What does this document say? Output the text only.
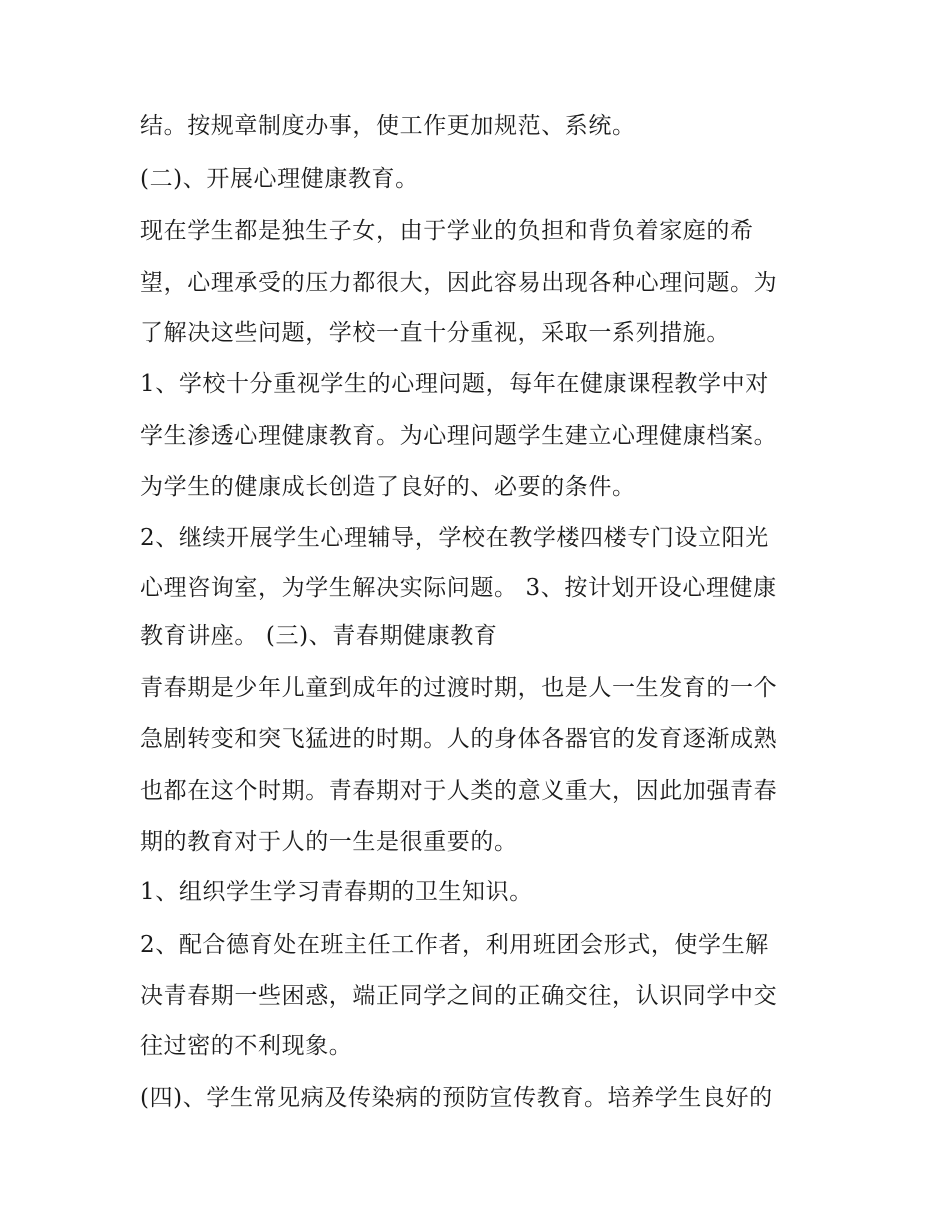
结。按规章制度办事，使工作更加规范、系统。
(二)、开展心理健康教育。
现在学生都是独生子女，由于学业的负担和背负着家庭的希
望，心理承受的压力都很大，因此容易出现各种心理问题。为
了解决这些问题，学校一直十分重视，采取一系列措施。
1、学校十分重视学生的心理问题，每年在健康课程教学中对
学生渗透心理健康教育。为心理问题学生建立心理健康档案。
为学生的健康成长创造了良好的、必要的条件。
2、继续开展学生心理辅导，学校在教学楼四楼专门设立阳光
心理咨询室，为学生解决实际问题。 3、按计划开设心理健康
教育讲座。 (三)、青春期健康教育
青春期是少年儿童到成年的过渡时期，也是人一生发育的一个
急剧转变和突飞猛进的时期。人的身体各器官的发育逐渐成熟
也都在这个时期。青春期对于人类的意义重大，因此加强青春
期的教育对于人的一生是很重要的。
1、组织学生学习青春期的卫生知识。
2、配合德育处在班主任工作者，利用班团会形式，使学生解
决青春期一些困惑，端正同学之间的正确交往，认识同学中交
往过密的不利现象。
(四)、学生常见病及传染病的预防宣传教育。培养学生良好的
